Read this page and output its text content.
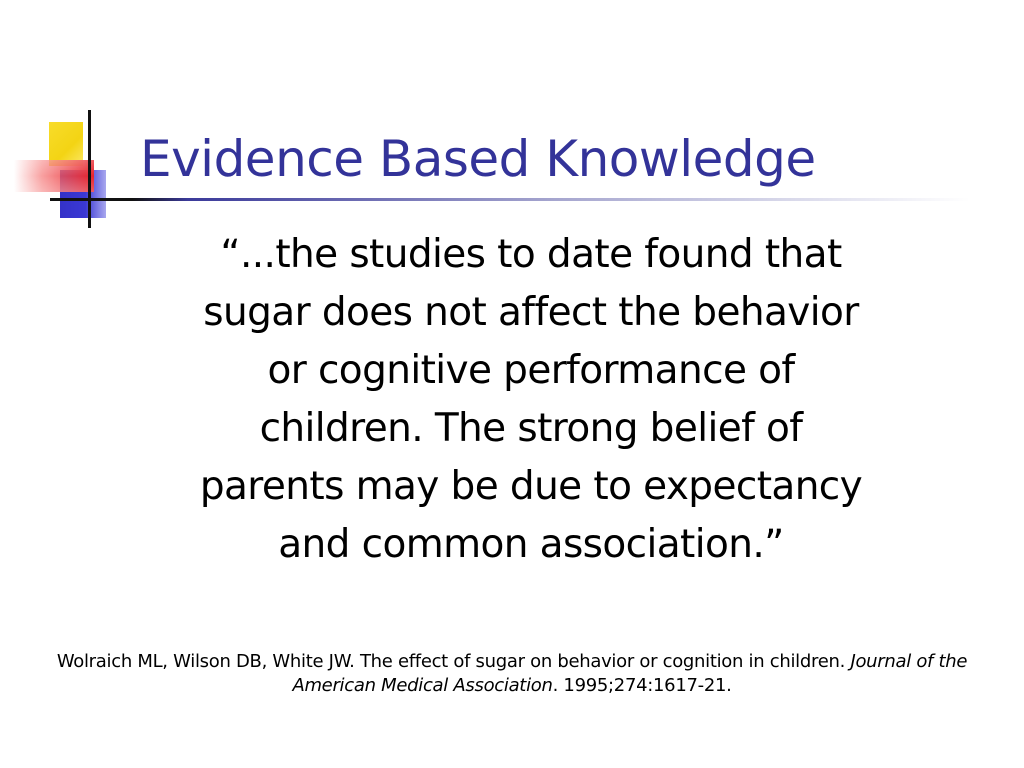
Evidence Based Knowledge
“...the studies to date found that
sugar does not affect the behavior
or cognitive performance of
children. The strong belief of
parents may be due to expectancy
and common association.”

Wolraich ML, Wilson DB, White JW. The effect of sugar on behavior or cognition in children. Journal of the American Medical Association. 1995;274:1617-21.
